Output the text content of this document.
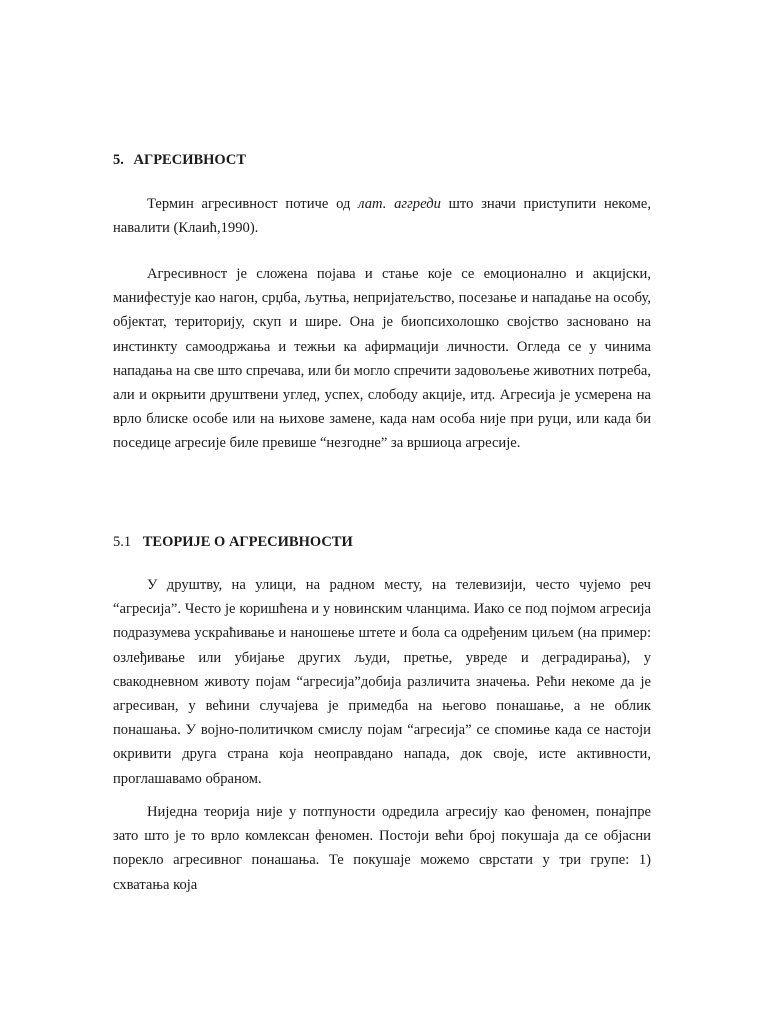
5. АГРЕСИВНОСТ

Термин агресивност потиче од лат. аггреди што значи приступити некоме, навалити (Клаић,1990).

Агресивност је сложена појава и стање које се емоционално и акцијски, манифестује као нагон, срџба, љутња, непријатељство, посезање и нападање на особу, објектат, територију, скуп и шире. Она је биопсихолошко својство засновано на инстинкту самоодржања и тежњи ка афирмацији личности. Огледа се у чинима нападања на све што спречава, или би могло спречити задовољење животних потреба, али и окрњити друштвени углед, успех, слободу акције, итд. Агресија је усмерена на врло блиске особе или на њихове замене, када нам особа није при руци, или када би поседице агресије биле превише “незгодне” за вршиоца агресије.

5.1 ТЕОРИЈЕ О АГРЕСИВНОСТИ

У друштву, на улици, на радном месту, на телевизији, често чујемо реч “агресија”. Често је коришћена и у новинским чланцима. Иако се под појмом агресија подразумева ускраћивање и наношење штете и бола са одређеним циљем (на пример: озлеђивање или убијање других људи, претње, увреде и деградирања), у свакодневном животу појам “агресија”добија различита значења. Рећи некоме да је агресиван, у већини случајева је примедба на његово понашање, а не облик понашања. У војно-политичком смислу појам “агресија” се спомиње када се настоји окривити друга страна која неоправдано напада, док своје, исте активности, проглашавамо обраном.

Ниједна теорија није у потпуности одредила агресију као феномен, понајпре зато што је то врло комлексан феномен. Постоји већи број покушаја да се објасни порекло агресивног понашања. Те покушаје можемо сврстати у три групе: 1) схватања која
